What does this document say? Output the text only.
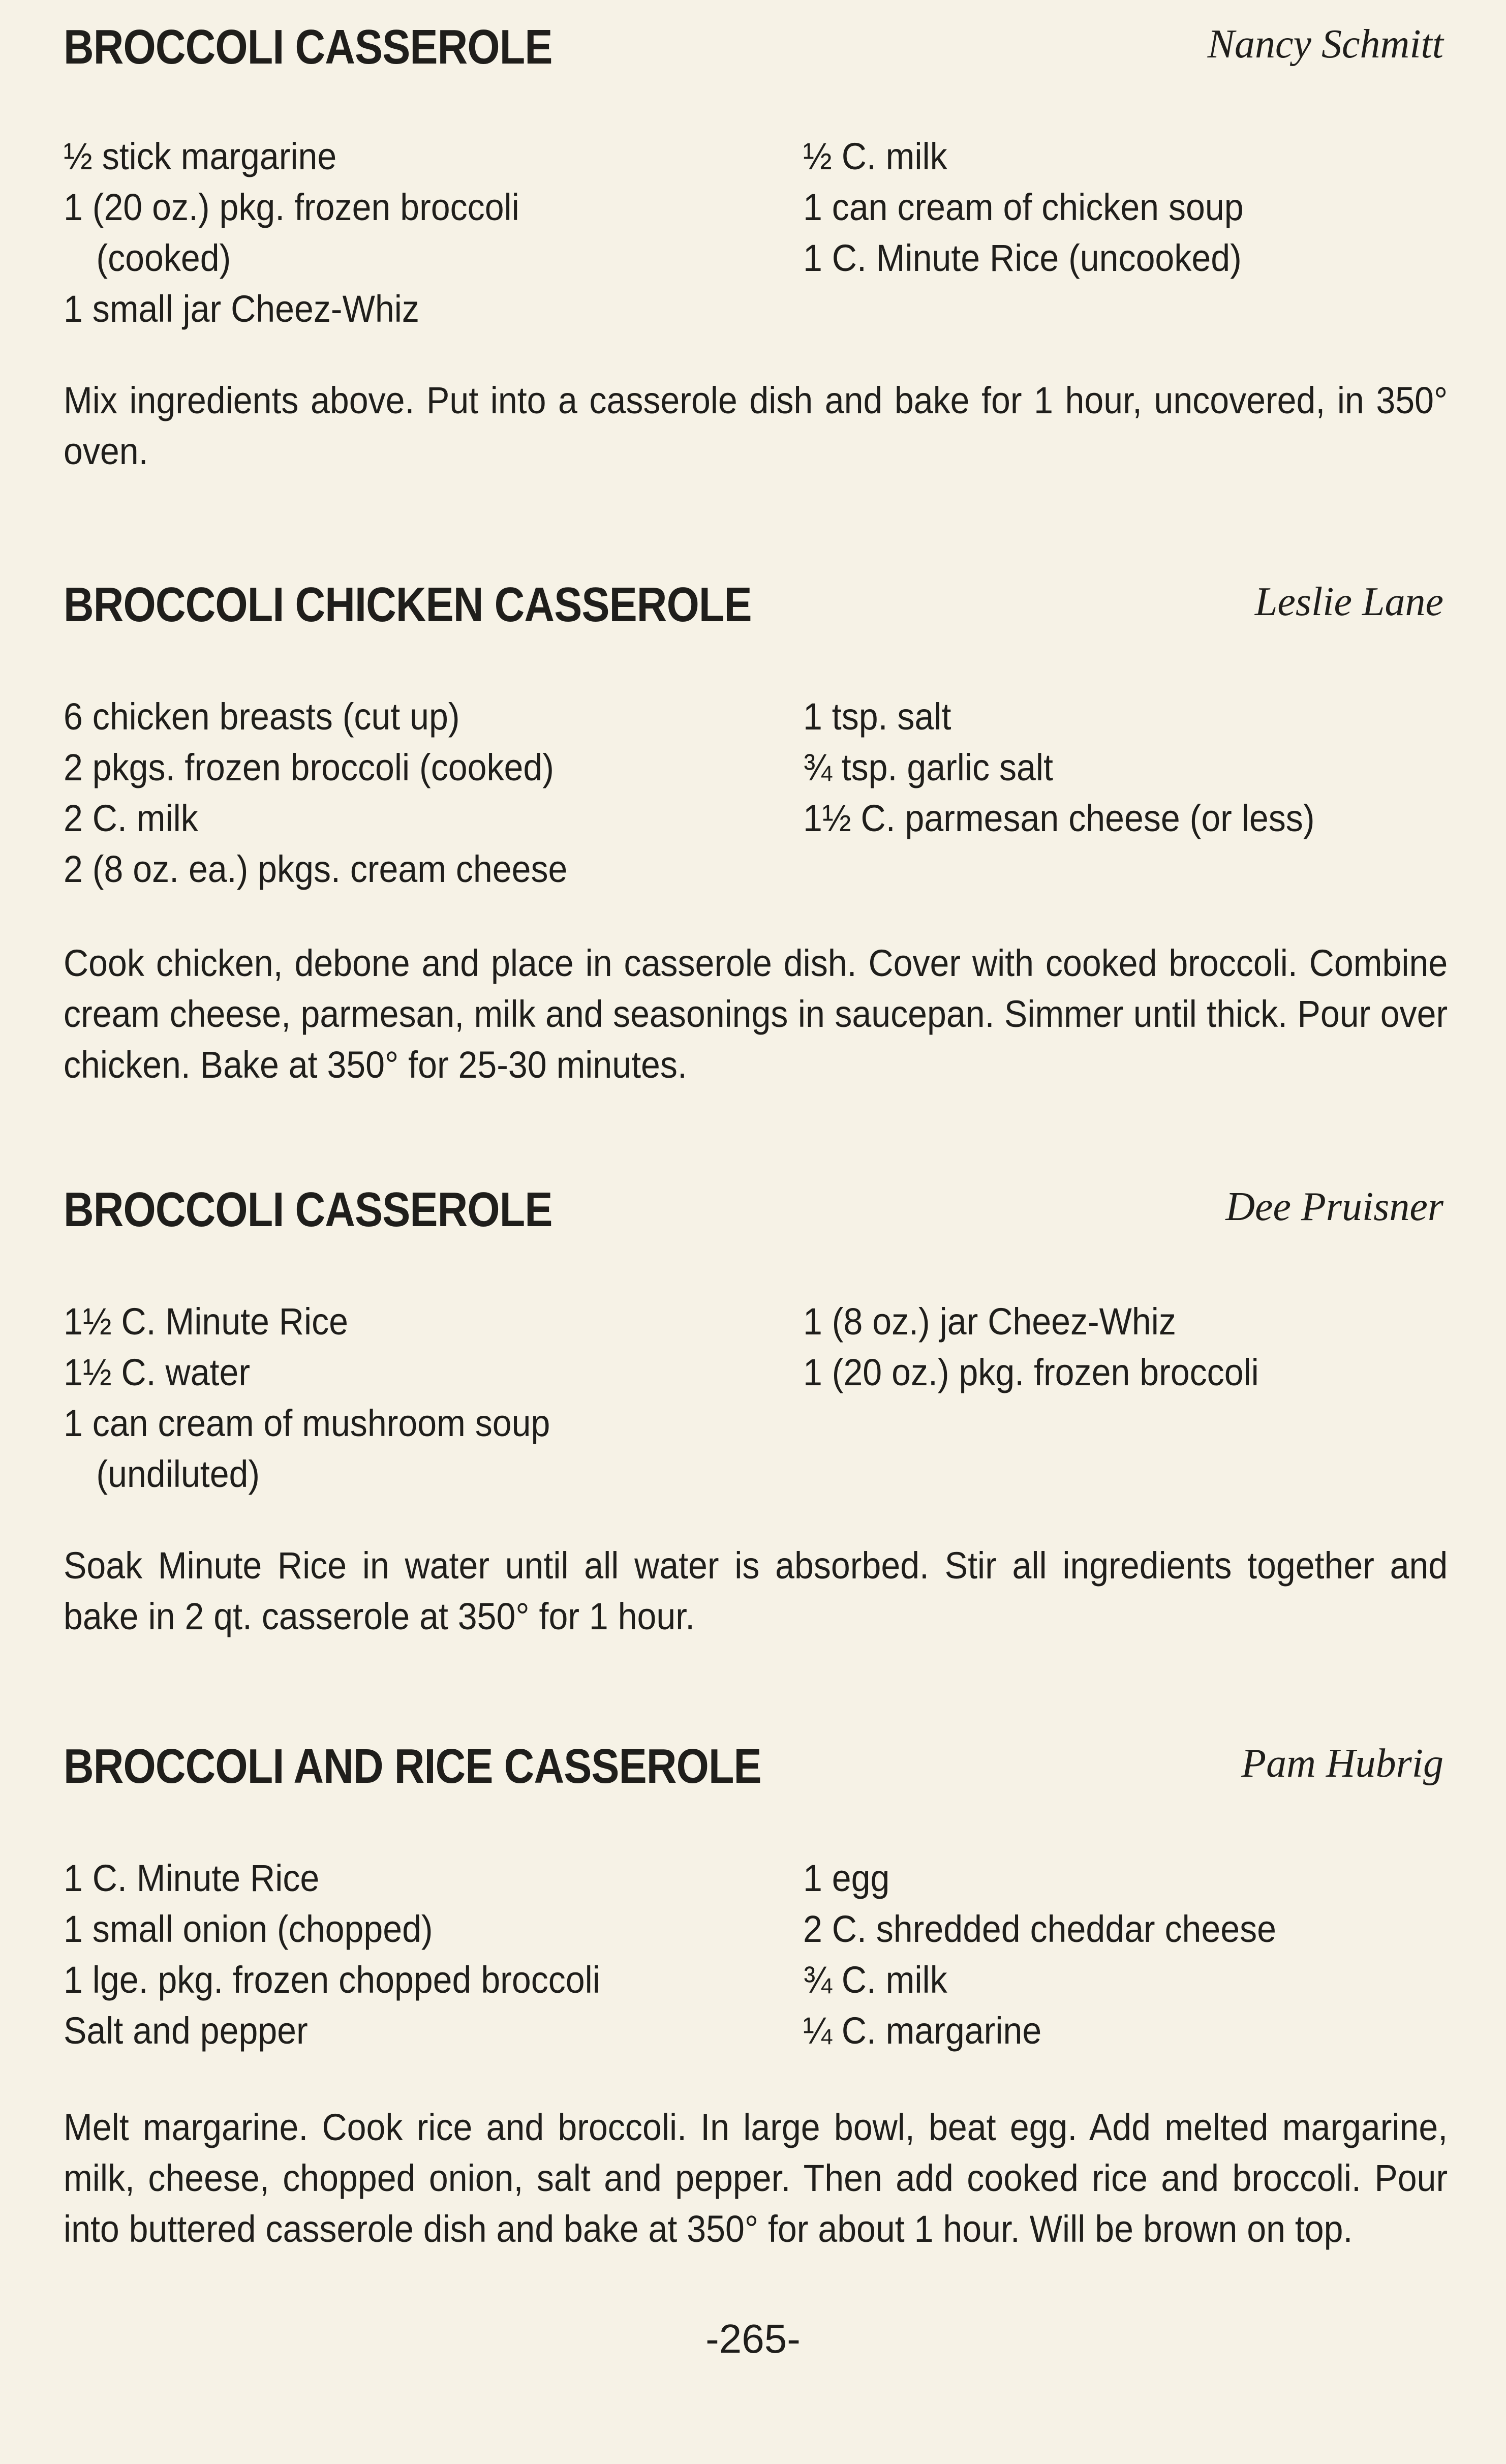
BROCCOLI CASSEROLE	Nancy Schmitt
½ stick margarine
1 (20 oz.) pkg. frozen broccoli
(cooked)
1 small jar Cheez-Whiz
½ C. milk
1 can cream of chicken soup
1 C. Minute Rice (uncooked)
Mix ingredients above. Put into a casserole dish and bake for 1 hour, uncovered, in 350° oven.
BROCCOLI CHICKEN CASSEROLE	Leslie Lane
6 chicken breasts (cut up)
2 pkgs. frozen broccoli (cooked)
2 C. milk
2 (8 oz. ea.) pkgs. cream cheese
1 tsp. salt
¾ tsp. garlic salt
1½ C. parmesan cheese (or less)
Cook chicken, debone and place in casserole dish. Cover with cooked broccoli. Combine cream cheese, parmesan, milk and seasonings in saucepan. Simmer until thick. Pour over chicken. Bake at 350° for 25-30 minutes.
BROCCOLI CASSEROLE	Dee Pruisner
1½ C. Minute Rice
1½ C. water
1 can cream of mushroom soup
(undiluted)
1 (8 oz.) jar Cheez-Whiz
1 (20 oz.) pkg. frozen broccoli
Soak Minute Rice in water until all water is absorbed. Stir all ingredients together and bake in 2 qt. casserole at 350° for 1 hour.
BROCCOLI AND RICE CASSEROLE	Pam Hubrig
1 C. Minute Rice
1 small onion (chopped)
1 lge. pkg. frozen chopped broccoli
Salt and pepper
1 egg
2 C. shredded cheddar cheese
¾ C. milk
¼ C. margarine
Melt margarine. Cook rice and broccoli. In large bowl, beat egg. Add melted margarine, milk, cheese, chopped onion, salt and pepper. Then add cooked rice and broccoli. Pour into buttered casserole dish and bake at 350° for about 1 hour. Will be brown on top.
-265-
